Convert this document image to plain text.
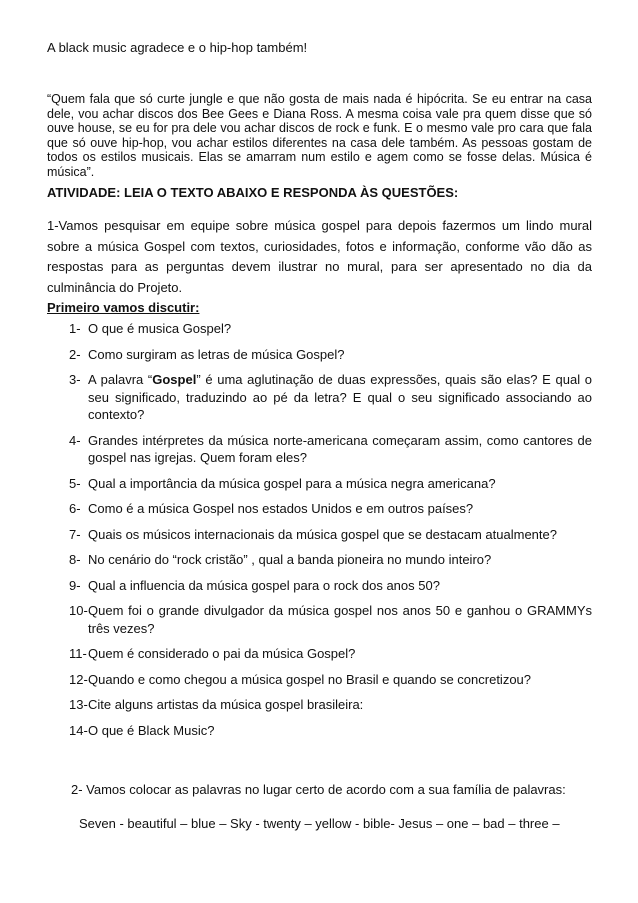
A black music agradece e o hip-hop também!

“Quem fala que só curte jungle e que não gosta de mais nada é hipócrita. Se eu entrar na casa dele, vou achar discos dos Bee Gees e Diana Ross. A mesma coisa vale pra quem disse que só ouve house, se eu for pra dele vou achar discos de rock e funk. E o mesmo vale pro cara que fala que só ouve hip-hop, vou achar estilos diferentes na casa dele também. As pessoas gostam de todos os estilos musicais. Elas se amarram num estilo e agem como se fosse delas. Música é música”.

ATIVIDADE: LEIA O TEXTO ABAIXO E RESPONDA ÀS QUESTÕES:

1-Vamos pesquisar em equipe sobre música gospel para depois fazermos um lindo mural sobre a música Gospel com textos, curiosidades, fotos e informação, conforme vão dão as respostas para as perguntas devem ilustrar no mural, para ser apresentado no dia da culminância do Projeto.

Primeiro vamos discutir:

1- O que é musica Gospel?
2- Como surgiram as letras de música Gospel?
3- A palavra “Gospel” é uma aglutinação de duas expressões, quais são elas? E qual o seu significado, traduzindo ao pé da letra? E qual o seu significado associando ao contexto?
4- Grandes intérpretes da música norte-americana começaram assim, como cantores de gospel nas igrejas. Quem foram eles?
5- Qual a importância da música gospel para a música negra americana?
6- Como é a música Gospel nos estados Unidos e em outros países?
7- Quais os músicos internacionais da música gospel que se destacam atualmente?
8- No cenário do “rock cristão” , qual a banda pioneira no mundo inteiro?
9- Qual a influencia da música gospel para o rock dos anos 50?
10- Quem foi o grande divulgador da música gospel nos anos 50 e ganhou o GRAMMYs três vezes?
11- Quem é considerado o pai da música Gospel?
12- Quando e como chegou a música gospel no Brasil e quando se concretizou?
13- Cite alguns artistas da música gospel brasileira:
14- O que é Black Music?

2- Vamos colocar as palavras no lugar certo de acordo com a sua família de palavras:

Seven - beautiful – blue – Sky - twenty – yellow - bible- Jesus – one – bad – three –
